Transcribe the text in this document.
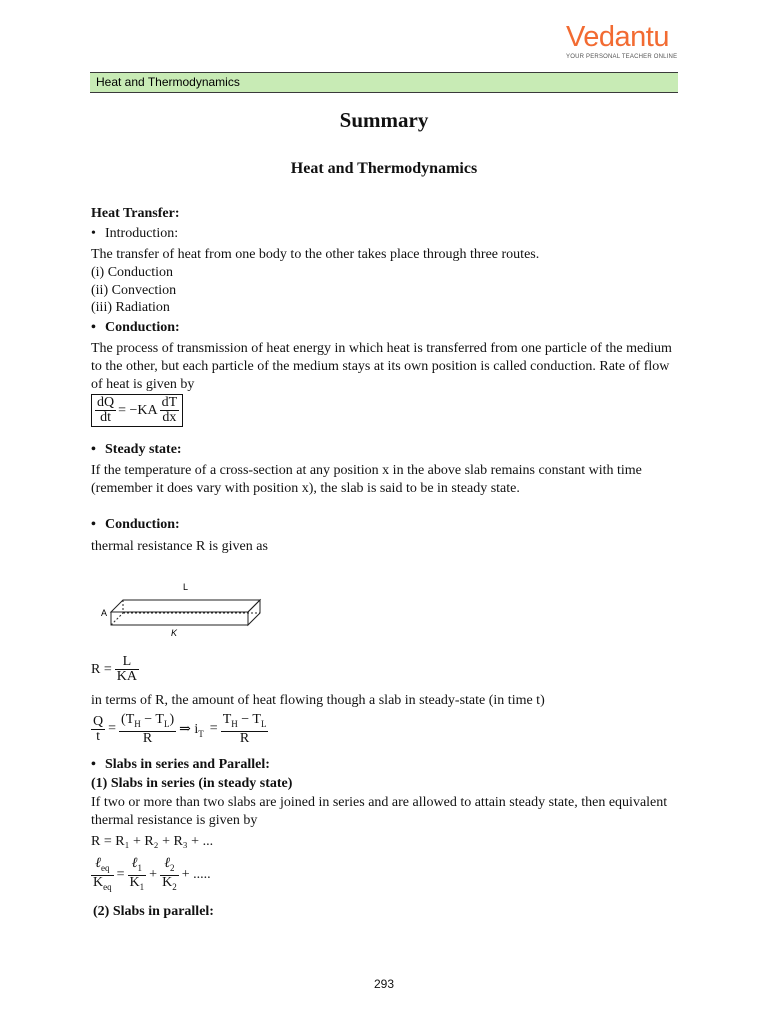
Vedantu
YOUR PERSONAL TEACHER ONLINE
Heat and Thermodynamics
Summary
Heat and Thermodynamics
Heat Transfer:
• Introduction:
The transfer of heat from one body to the other takes place through three routes.
(i) Conduction
(ii) Convection
(iii) Radiation
• Conduction:
The process of transmission of heat energy in which heat is transferred from one particle of the medium to the other, but each particle of the medium stays at its own position is called conduction. Rate of flow of heat is given by
$\frac{dQ}{dt} = -KA \frac{dT}{dx}$
• Steady state:
If the temperature of a cross-section at any position x in the above slab remains constant with time (remember it does vary with position x), the slab is said to be in steady state.
• Conduction:
thermal resistance R is given as
L
A
K
$R = \frac{L}{KA}$
in terms of R, the amount of heat flowing though a slab in steady-state (in time t)
$\frac{Q}{t} = \frac{(T_H - T_L)}{R}$ ⇒ $i_T = \frac{T_H - T_L}{R}$
• Slabs in series and Parallel:
(1) Slabs in series (in steady state)
If two or more than two slabs are joined in series and are allowed to attain steady state, then equivalent thermal resistance is given by
R = R₁ + R₂ + R₃ + ...
$\frac{\ell_{eq}}{K_{eq}} = \frac{\ell_1}{K_1} + \frac{\ell_2}{K_2}$ + .....
(2) Slabs in parallel:
293
